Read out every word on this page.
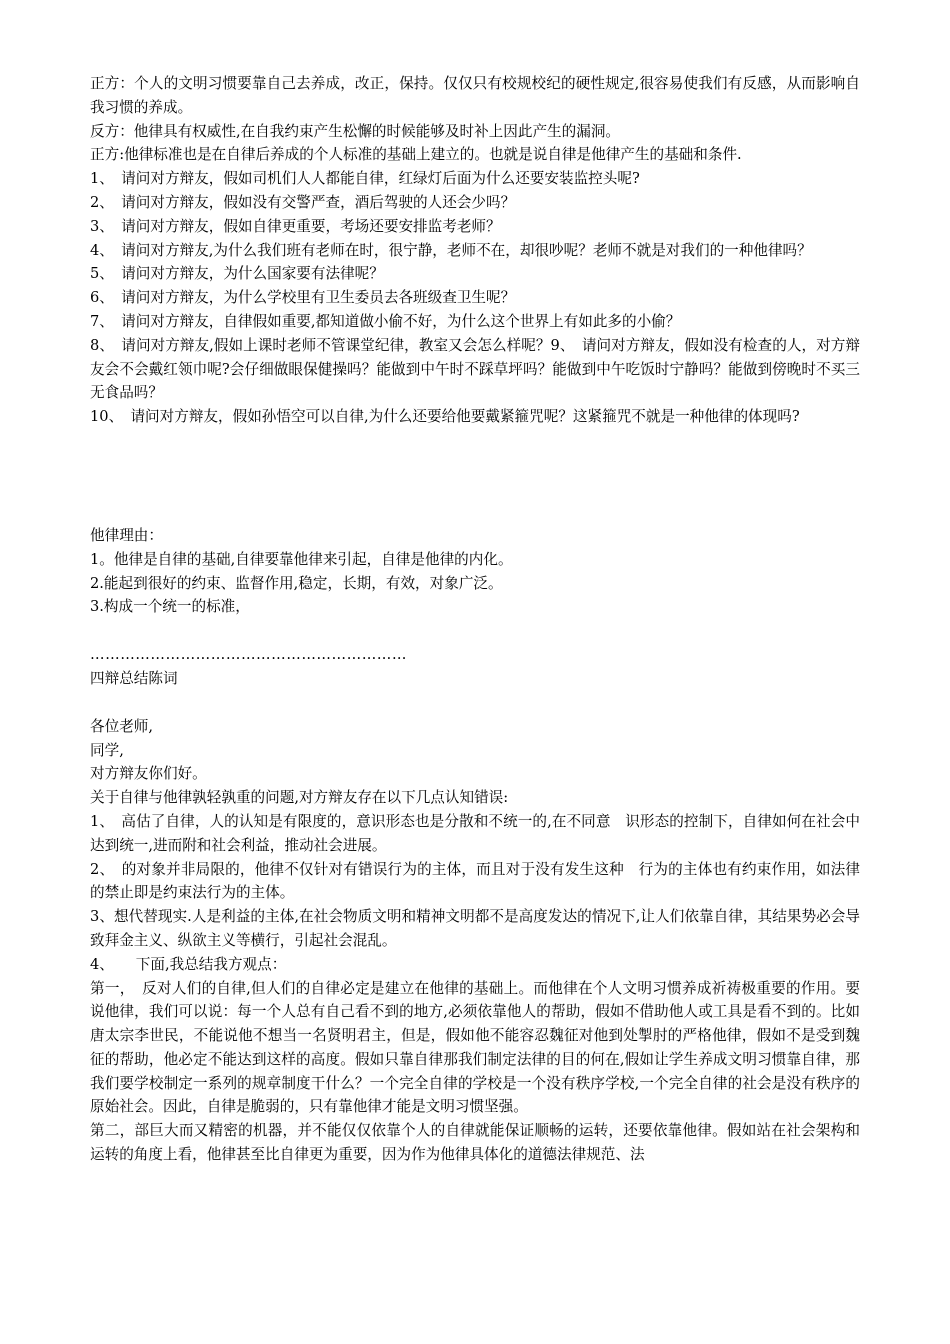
正方：个人的文明习惯要靠自己去养成，改正，保持。仅仅只有校规校纪的硬性规定,很容易使我们有反感，从而影响自我习惯的养成。

反方：他律具有权威性,在自我约束产生松懈的时候能够及时补上因此产生的漏洞。

正方:他律标准也是在自律后养成的个人标准的基础上建立的。也就是说自律是他律产生的基础和条件.

1、　请问对方辩友，假如司机们人人都能自律，红绿灯后面为什么还要安装监控头呢?

2、　请问对方辩友，假如没有交警严查，酒后驾驶的人还会少吗？

3、　请问对方辩友，假如自律更重要，考场还要安排监考老师？

4、　请问对方辩友,为什么我们班有老师在时，很宁静，老师不在，却很吵呢？老师不就是对我们的一种他律吗？

5、　请问对方辩友，为什么国家要有法律呢？

6、　请问对方辩友，为什么学校里有卫生委员去各班级查卫生呢？

7、　请问对方辩友，自律假如重要,都知道做小偷不好，为什么这个世界上有如此多的小偷？

8、　请问对方辩友,假如上课时老师不管课堂纪律，教室又会怎么样呢？9、　请问对方辩友，假如没有检查的人，对方辩友会不会戴红领巾呢?会仔细做眼保健操吗？能做到中午时不踩草坪吗？能做到中午吃饭时宁静吗？能做到傍晚时不买三无食品吗？

10、　请问对方辩友，假如孙悟空可以自律,为什么还要给他要戴紧箍咒呢？这紧箍咒不就是一种他律的体现吗?

他律理由：

1。他律是自律的基础,自律要靠他律来引起，自律是他律的内化。

2.能起到很好的约束、监督作用,稳定，长期，有效，对象广泛。

3.构成一个统一的标准，

………………………………………………………

四辩总结陈词

各位老师,

同学,

对方辩友你们好。

关于自律与他律孰轻孰重的问题,对方辩友存在以下几点认知错误:

1、　高估了自律，人的认知是有限度的，意识形态也是分散和不统一的,在不同意　识形态的控制下，自律如何在社会中达到统一,进而附和社会利益，推动社会进展。

2、　的对象并非局限的，他律不仅针对有错误行为的主体，而且对于没有发生这种　行为的主体也有约束作用，如法律的禁止即是约束法行为的主体。

3、想代替现实.人是利益的主体,在社会物质文明和精神文明都不是高度发达的情况下,让人们依靠自律，其结果势必会导致拜金主义、纵欲主义等横行，引起社会混乱。

4、　　下面,我总结我方观点：

第一，　反对人们的自律,但人们的自律必定是建立在他律的基础上。而他律在个人文明习惯养成祈祷极重要的作用。要说他律，我们可以说：每一个人总有自己看不到的地方,必须依靠他人的帮助，假如不借助他人或工具是看不到的。比如唐太宗李世民，不能说他不想当一名贤明君主，但是，假如他不能容忍魏征对他到处掣肘的严格他律，假如不是受到魏征的帮助，他必定不能达到这样的高度。假如只靠自律那我们制定法律的目的何在,假如让学生养成文明习惯靠自律，那我们要学校制定一系列的规章制度干什么？一个完全自律的学校是一个没有秩序学校,一个完全自律的社会是没有秩序的原始社会。因此，自律是脆弱的，只有靠他律才能是文明习惯坚强。

第二，部巨大而又精密的机器，并不能仅仅依靠个人的自律就能保证顺畅的运转，还要依靠他律。假如站在社会架构和运转的角度上看，他律甚至比自律更为重要，因为作为他律具体化的道德法律规范、法
